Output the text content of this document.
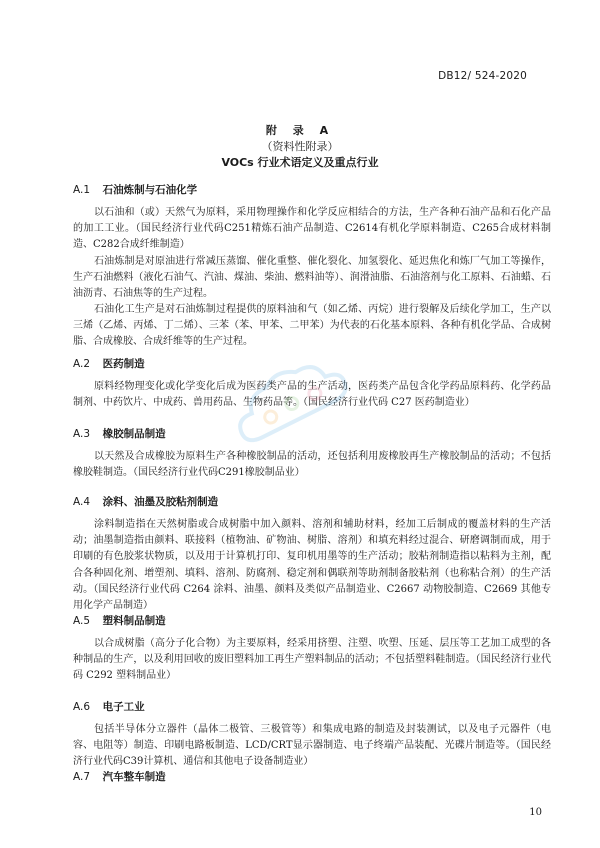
DB12/ 524-2020
附 录 A
（资料性附录）
VOCs 行业术语定义及重点行业
A.1 石油炼制与石油化学
以石油和（或）天然气为原料，采用物理操作和化学反应相结合的方法，生产各种石油产品和石化产品的加工工业。（国民经济行业代码C251精炼石油产品制造、C2614有机化学原料制造、C265合成材料制造、C282合成纤维制造）
石油炼制是对原油进行常减压蒸馏、催化重整、催化裂化、加氢裂化、延迟焦化和炼厂气加工等操作，生产石油燃料（液化石油气、汽油、煤油、柴油、燃料油等）、润滑油脂、石油溶剂与化工原料、石油蜡、石油沥青、石油焦等的生产过程。
石油化工生产是对石油炼制过程提供的原料油和气（如乙烯、丙烷）进行裂解及后续化学加工，生产以三烯（乙烯、丙烯、丁二烯）、三苯（苯、甲苯、二甲苯）为代表的石化基本原料、各种有机化学品、合成树脂、合成橡胶、合成纤维等的生产过程。
A.2 医药制造
原料经物理变化或化学变化后成为医药类产品的生产活动，医药类产品包含化学药品原料药、化学药品制剂、中药饮片、中成药、兽用药品、生物药品等。（国民经济行业代码 C27 医药制造业）
A.3 橡胶制品制造
以天然及合成橡胶为原料生产各种橡胶制品的活动，还包括利用废橡胶再生产橡胶制品的活动；不包括橡胶鞋制造。（国民经济行业代码C291橡胶制品业）
A.4 涂料、油墨及胶粘剂制造
涂料制造指在天然树脂或合成树脂中加入颜料、溶剂和辅助材料，经加工后制成的覆盖材料的生产活动；油墨制造指由颜料、联接料（植物油、矿物油、树脂、溶剂）和填充料经过混合、研磨调制而成，用于印刷的有色胶浆状物质，以及用于计算机打印、复印机用墨等的生产活动；胶粘剂制造指以粘料为主剂，配合各种固化剂、增塑剂、填料、溶剂、防腐剂、稳定剂和偶联剂等助剂制备胶粘剂（也称粘合剂）的生产活动。（国民经济行业代码 C264 涂料、油墨、颜料及类似产品制造业、C2667 动物胶制造、C2669 其他专用化学产品制造）
A.5 塑料制品制造
以合成树脂（高分子化合物）为主要原料，经采用挤塑、注塑、吹塑、压延、层压等工艺加工成型的各种制品的生产，以及利用回收的废旧塑料加工再生产塑料制品的活动；不包括塑料鞋制造。（国民经济行业代码 C292 塑料制品业）
A.6 电子工业
包括半导体分立器件（晶体二极管、三极管等）和集成电路的制造及封装测试，以及电子元器件（电容、电阻等）制造、印刷电路板制造、LCD/CRT显示器制造、电子终端产品装配、光碟片制造等。（国民经济行业代码C39计算机、通信和其他电子设备制造业）
A.7 汽车整车制造
10
